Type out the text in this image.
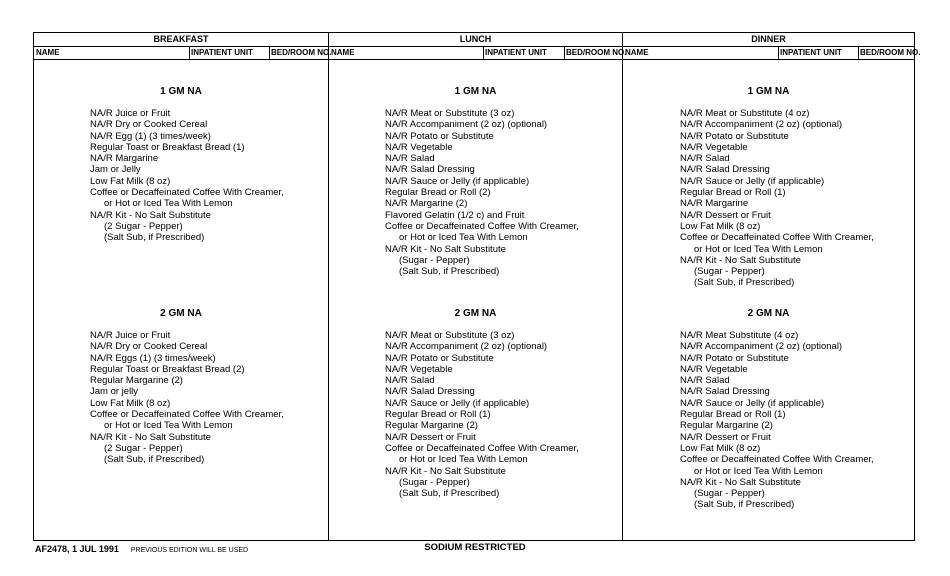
BREAKFAST
NAME	INPATIENT UNIT BED/ROOM NO.
1 GM NA
NA/R Juice or Fruit
NA/R Dry or Cooked Cereal
NA/R Egg (1) (3 times/week)
Regular Toast or Breakfast Bread (1)
NA/R Margarine
Jam or Jelly
Low Fat Milk (8 oz)
Coffee or Decaffeinated Coffee With Creamer,
or Hot or Iced Tea With Lemon
NA/R Kit - No Salt Substitute
(2 Sugar - Pepper)
(Salt Sub, if Prescribed)
2 GM NA
NA/R Juice or Fruit
NA/R Dry or Cooked Cereal
NA/R Eggs (1) (3 times/week)
Regular Toast or Breakfast Bread (2)
Regular Margarine (2)
Jam or jelly
Low Fat Milk (8 oz)
Coffee or Decaffeinated Coffee With Creamer,
or Hot or Iced Tea With Lemon
NA/R Kit - No Salt Substitute
(2 Sugar - Pepper)
(Salt Sub, if Prescribed)
LUNCH
NAME	INPATIENT UNIT BED/ROOM NO.
1 GM NA
NA/R Meat or Substitute (3 oz)
NA/R Accompaniment (2 oz) (optional)
NA/R Potato or Substitute
NA/R Vegetable
NA/R Salad
NA/R Salad Dressing
NA/R Sauce or Jelly (if applicable)
Regular Bread or Roll (2)
NA/R Margarine (2)
Flavored Gelatin (1/2 c) and Fruit
Coffee or Decaffeinated Coffee With Creamer,
or Hot or Iced Tea With Lemon
NA/R Kit - No Salt Substitute
(Sugar - Pepper)
(Salt Sub, if Prescribed)
2 GM NA
NA/R Meat or Substitute (3 oz)
NA/R Accompaniment (2 oz) (optional)
NA/R Potato or Substitute
NA/R Vegetable
NA/R Salad
NA/R Salad Dressing
NA/R Sauce or Jelly (if applicable)
Regular Bread or Roll (1)
Regular Margarine (2)
NA/R Dessert or Fruit
Coffee or Decaffeinated Coffee With Creamer,
or Hot or Iced Tea With Lemon
NA/R Kit - No Salt Substitute
(Sugar - Pepper)
(Salt Sub, if Prescribed)
DINNER
NAME	INPATIENT UNIT BED/ROOM NO.
1 GM NA
NA/R Meat or Substitute (4 oz)
NA/R Accompaniment (2 oz) (optional)
NA/R Potato or Substitute
NA/R Vegetable
NA/R Salad
NA/R Salad Dressing
NA/R Sauce or Jelly (if applicable)
Regular Bread or Roll (1)
NA/R Margarine
NA/R Dessert or Fruit
Low Fat Milk (8 oz)
Coffee or Decaffeinated Coffee With Creamer,
or Hot or Iced Tea With Lemon
NA/R Kit - No Salt Substitute
(Sugar - Pepper)
(Salt Sub, if Prescribed)
2 GM NA
NA/R Meat Substitute (4 oz)
NA/R Accompaniment (2 oz) (optional)
NA/R Potato or Substitute
NA/R Vegetable
NA/R Salad
NA/R Salad Dressing
NA/R Sauce or Jelly (if applicable)
Regular Bread or Roll (1)
Regular Margarine (2)
NA/R Dessert or Fruit
Low Fat Milk (8 oz)
Coffee or Decaffeinated Coffee With Creamer,
or Hot or Iced Tea With Lemon
NA/R Kit - No Salt Substitute
(Sugar - Pepper)
(Salt Sub, if Prescribed)
AF2478, 1 JUL 1991 PREVIOUS EDITION WILL BE USED	SODIUM RESTRICTED
